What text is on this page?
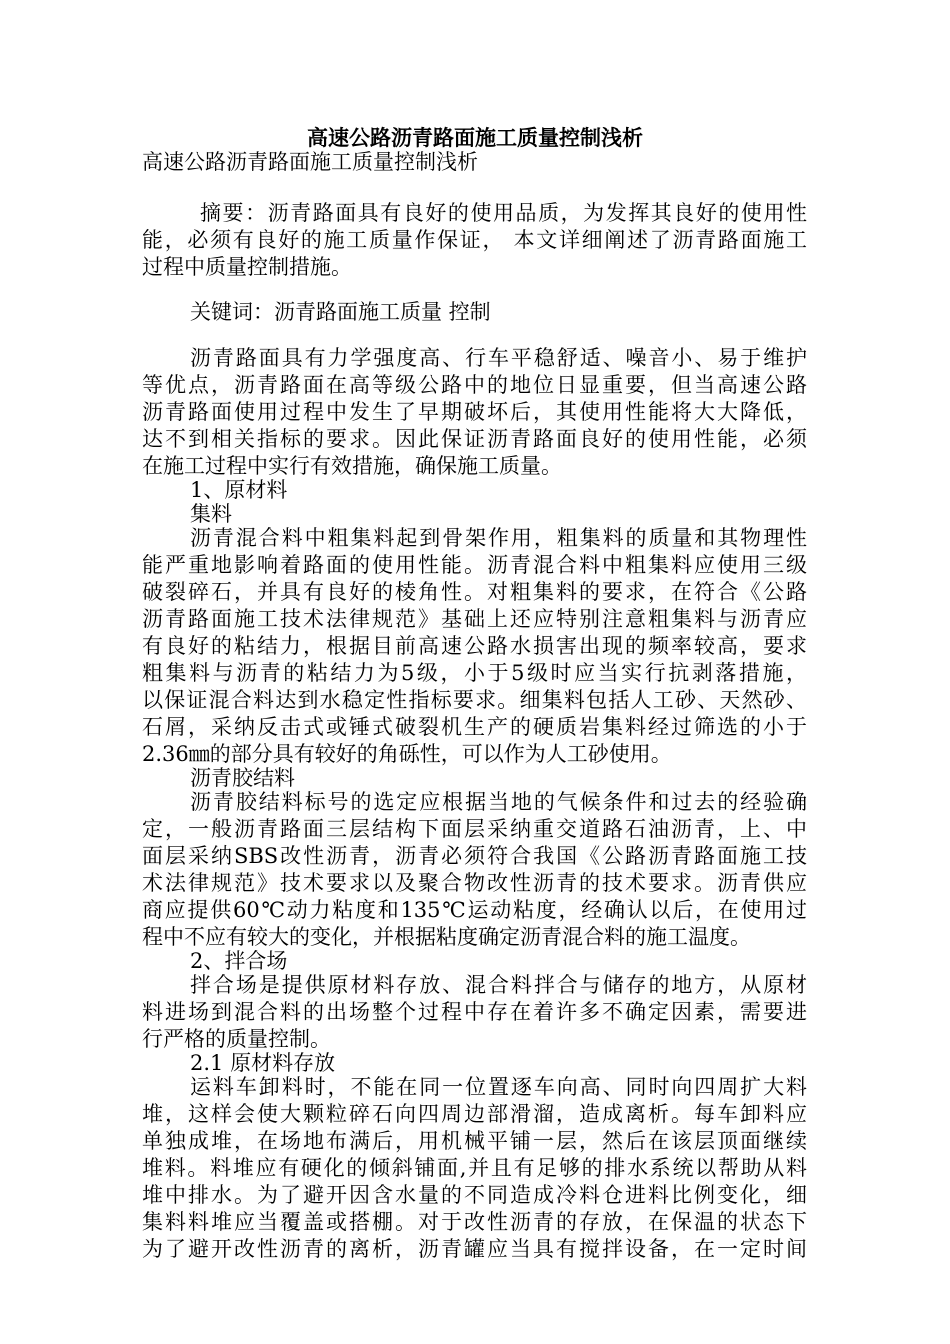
高速公路沥青路面施工质量控制浅析
高速公路沥青路面施工质量控制浅析
摘要：沥青路面具有良好的使用品质，为发挥其良好的使用性
能，必须有良好的施工质量作保证， 本文详细阐述了沥青路面施工
过程中质量控制措施。
关键词：沥青路面施工质量 控制
沥青路面具有力学强度高、行车平稳舒适、噪音小、易于维护
等优点，沥青路面在高等级公路中的地位日显重要，但当高速公路
沥青路面使用过程中发生了早期破坏后，其使用性能将大大降低，
达不到相关指标的要求。因此保证沥青路面良好的使用性能，必须
在施工过程中实行有效措施，确保施工质量。
1、原材料
集料
沥青混合料中粗集料起到骨架作用，粗集料的质量和其物理性
能严重地影响着路面的使用性能。沥青混合料中粗集料应使用三级
破裂碎石，并具有良好的棱角性。对粗集料的要求，在符合《公路
沥青路面施工技术法律规范》基础上还应特别注意粗集料与沥青应
有良好的粘结力，根据目前高速公路水损害出现的频率较高，要求
粗集料与沥青的粘结力为5级，小于5级时应当实行抗剥落措施，
以保证混合料达到水稳定性指标要求。细集料包括人工砂、天然砂、
石屑，采纳反击式或锤式破裂机生产的硬质岩集料经过筛选的小于
2.36㎜的部分具有较好的角砾性，可以作为人工砂使用。
沥青胶结料
沥青胶结料标号的选定应根据当地的气候条件和过去的经验确
定，一般沥青路面三层结构下面层采纳重交道路石油沥青，上、中
面层采纳SBS改性沥青，沥青必须符合我国《公路沥青路面施工技
术法律规范》技术要求以及聚合物改性沥青的技术要求。沥青供应
商应提供60℃动力粘度和135℃运动粘度，经确认以后，在使用过
程中不应有较大的变化，并根据粘度确定沥青混合料的施工温度。
2、拌合场
拌合场是提供原材料存放、混合料拌合与储存的地方，从原材
料进场到混合料的出场整个过程中存在着许多不确定因素，需要进
行严格的质量控制。
2.1 原材料存放
运料车卸料时，不能在同一位置逐车向高、同时向四周扩大料
堆，这样会使大颗粒碎石向四周边部滑溜，造成离析。每车卸料应
单独成堆，在场地布满后，用机械平铺一层，然后在该层顶面继续
堆料。料堆应有硬化的倾斜铺面,并且有足够的排水系统以帮助从料
堆中排水。为了避开因含水量的不同造成冷料仓进料比例变化，细
集料料堆应当覆盖或搭棚。对于改性沥青的存放，在保温的状态下
为了避开改性沥青的离析，沥青罐应当具有搅拌设备，在一定时间
